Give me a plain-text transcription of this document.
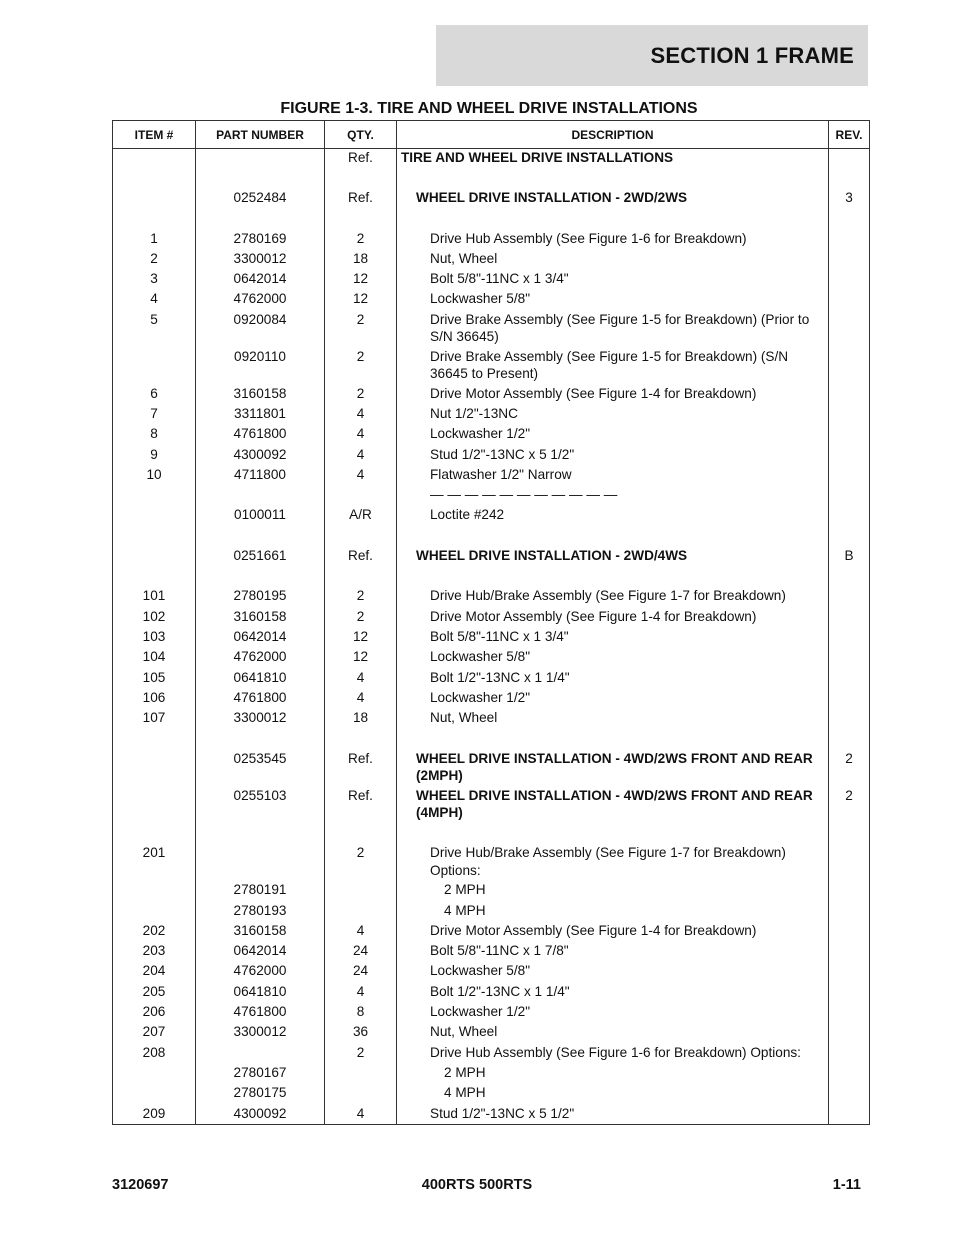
SECTION 1 FRAME
FIGURE 1-3. TIRE AND WHEEL DRIVE INSTALLATIONS
ITEM #	PART NUMBER	QTY.	DESCRIPTION	REV.
		Ref.	TIRE AND WHEEL DRIVE INSTALLATIONS	
	0252484	Ref.	WHEEL DRIVE INSTALLATION - 2WD/2WS	3
1	2780169	2	Drive Hub Assembly (See Figure 1-6 for Breakdown)	
2	3300012	18	Nut, Wheel	
3	0642014	12	Bolt 5/8"-11NC x 1 3/4"	
4	4762000	12	Lockwasher 5/8"	
5	0920084	2	Drive Brake Assembly (See Figure 1-5 for Breakdown) (Prior to S/N 36645)	
	0920110	2	Drive Brake Assembly (See Figure 1-5 for Breakdown) (S/N 36645 to Present)	
6	3160158	2	Drive Motor Assembly (See Figure 1-4 for Breakdown)	
7	3311801	4	Nut 1/2"-13NC	
8	4761800	4	Lockwasher 1/2"	
9	4300092	4	Stud 1/2"-13NC x 5 1/2"	
10	4711800	4	Flatwasher 1/2" Narrow	
			— — — — — — — — — — —	
	0100011	A/R	Loctite #242	
	0251661	Ref.	WHEEL DRIVE INSTALLATION - 2WD/4WS	B
101	2780195	2	Drive Hub/Brake Assembly (See Figure 1-7 for Breakdown)	
102	3160158	2	Drive Motor Assembly (See Figure 1-4 for Breakdown)	
103	0642014	12	Bolt 5/8"-11NC x 1 3/4"	
104	4762000	12	Lockwasher 5/8"	
105	0641810	4	Bolt 1/2"-13NC x 1 1/4"	
106	4761800	4	Lockwasher 1/2"	
107	3300012	18	Nut, Wheel	
	0253545	Ref.	WHEEL DRIVE INSTALLATION - 4WD/2WS FRONT AND REAR (2MPH)	2
	0255103	Ref.	WHEEL DRIVE INSTALLATION - 4WD/2WS FRONT AND REAR (4MPH)	2
201		2	Drive Hub/Brake Assembly (See Figure 1-7 for Breakdown) Options:	
	2780191		2 MPH	
	2780193		4 MPH	
202	3160158	4	Drive Motor Assembly (See Figure 1-4 for Breakdown)	
203	0642014	24	Bolt 5/8"-11NC x 1 7/8"	
204	4762000	24	Lockwasher 5/8"	
205	0641810	4	Bolt 1/2"-13NC x 1 1/4"	
206	4761800	8	Lockwasher 1/2"	
207	3300012	36	Nut, Wheel	
208		2	Drive Hub Assembly (See Figure 1-6 for Breakdown) Options:	
	2780167		2 MPH	
	2780175		4 MPH	
209	4300092	4	Stud 1/2"-13NC x 5 1/2"	
3120697	400RTS 500RTS	1-11
